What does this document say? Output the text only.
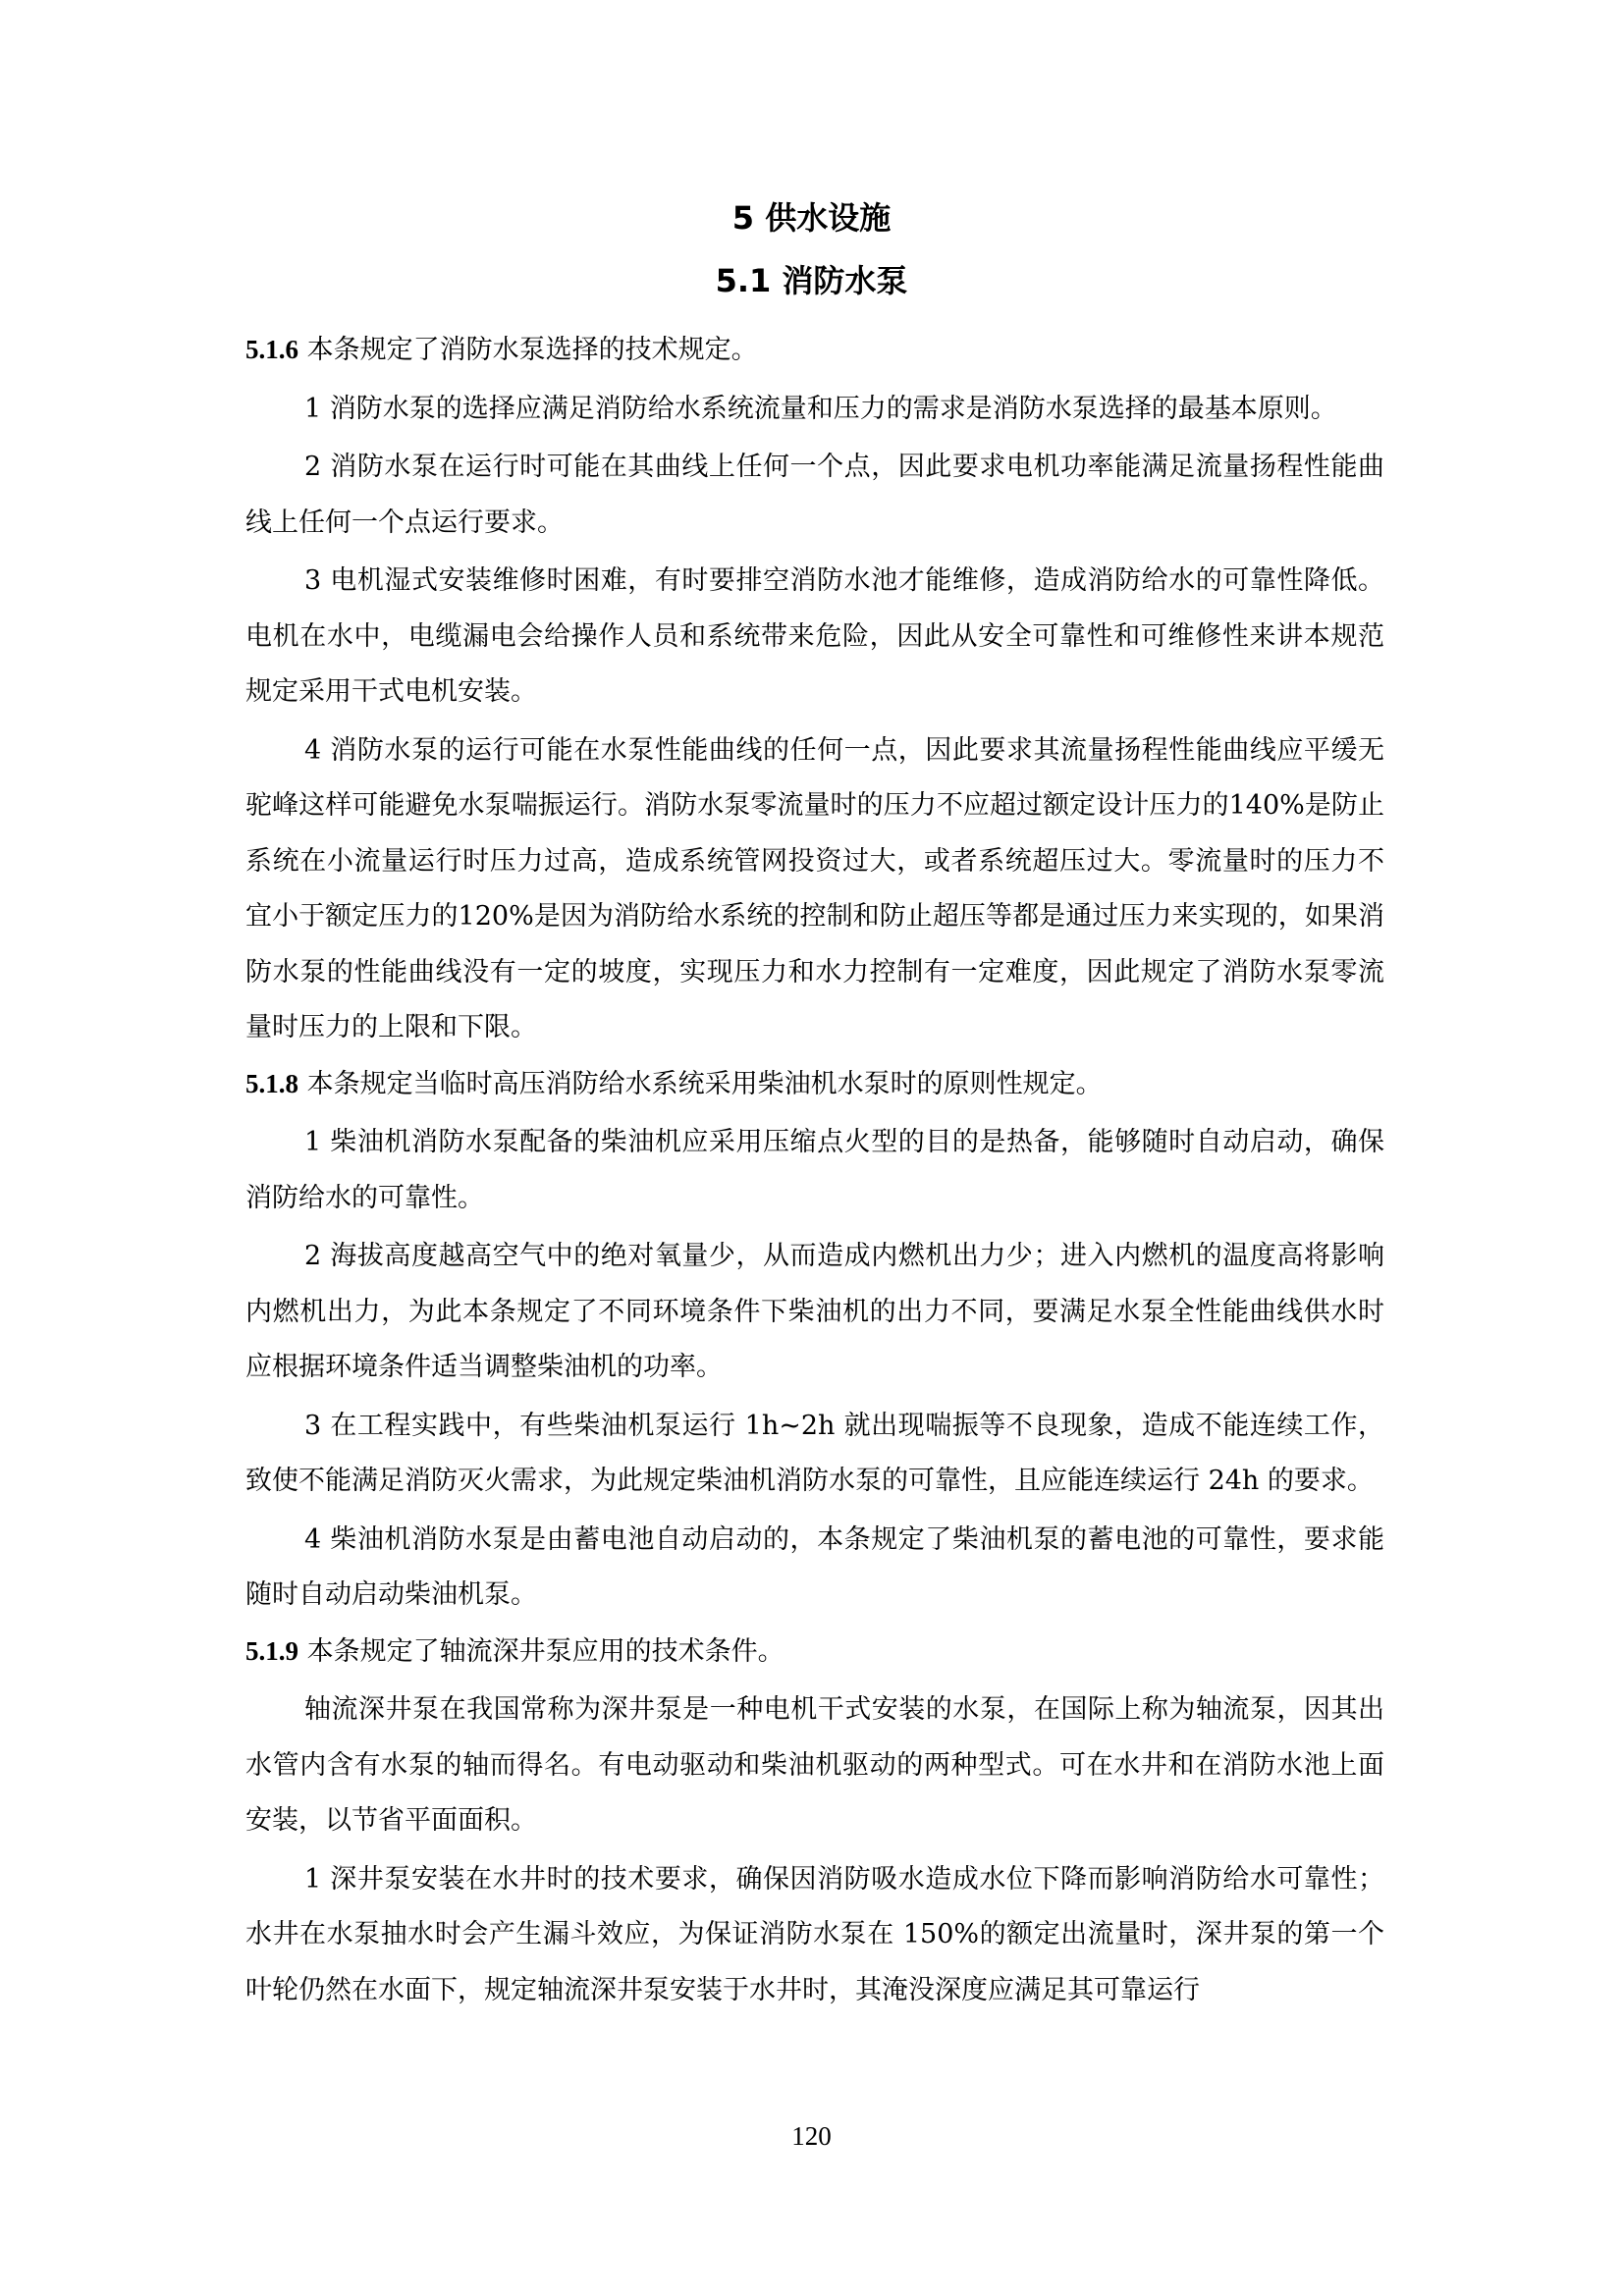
5 供水设施
5.1 消防水泵

5.1.6 本条规定了消防水泵选择的技术规定。

1 消防水泵的选择应满足消防给水系统流量和压力的需求是消防水泵选择的最基本原则。

2 消防水泵在运行时可能在其曲线上任何一个点，因此要求电机功率能满足流量扬程性能曲线上任何一个点运行要求。

3 电机湿式安装维修时困难，有时要排空消防水池才能维修，造成消防给水的可靠性降低。电机在水中，电缆漏电会给操作人员和系统带来危险，因此从安全可靠性和可维修性来讲本规范规定采用干式电机安装。

4 消防水泵的运行可能在水泵性能曲线的任何一点，因此要求其流量扬程性能曲线应平缓无驼峰这样可能避免水泵喘振运行。消防水泵零流量时的压力不应超过额定设计压力的140%是防止系统在小流量运行时压力过高，造成系统管网投资过大，或者系统超压过大。零流量时的压力不宜小于额定压力的120%是因为消防给水系统的控制和防止超压等都是通过压力来实现的，如果消防水泵的性能曲线没有一定的坡度，实现压力和水力控制有一定难度，因此规定了消防水泵零流量时压力的上限和下限。

5.1.8 本条规定当临时高压消防给水系统采用柴油机水泵时的原则性规定。

1 柴油机消防水泵配备的柴油机应采用压缩点火型的目的是热备，能够随时自动启动，确保消防给水的可靠性。

2 海拔高度越高空气中的绝对氧量少，从而造成内燃机出力少；进入内燃机的温度高将影响内燃机出力，为此本条规定了不同环境条件下柴油机的出力不同，要满足水泵全性能曲线供水时应根据环境条件适当调整柴油机的功率。

3 在工程实践中，有些柴油机泵运行 1h~2h 就出现喘振等不良现象，造成不能连续工作，致使不能满足消防灭火需求，为此规定柴油机消防水泵的可靠性，且应能连续运行 24h 的要求。

4 柴油机消防水泵是由蓄电池自动启动的，本条规定了柴油机泵的蓄电池的可靠性，要求能随时自动启动柴油机泵。

5.1.9 本条规定了轴流深井泵应用的技术条件。

轴流深井泵在我国常称为深井泵是一种电机干式安装的水泵，在国际上称为轴流泵，因其出水管内含有水泵的轴而得名。有电动驱动和柴油机驱动的两种型式。可在水井和在消防水池上面安装，以节省平面面积。

1 深井泵安装在水井时的技术要求，确保因消防吸水造成水位下降而影响消防给水可靠性；水井在水泵抽水时会产生漏斗效应，为保证消防水泵在 150%的额定出流量时，深井泵的第一个叶轮仍然在水面下，规定轴流深井泵安装于水井时，其淹没深度应满足其可靠运行

120
